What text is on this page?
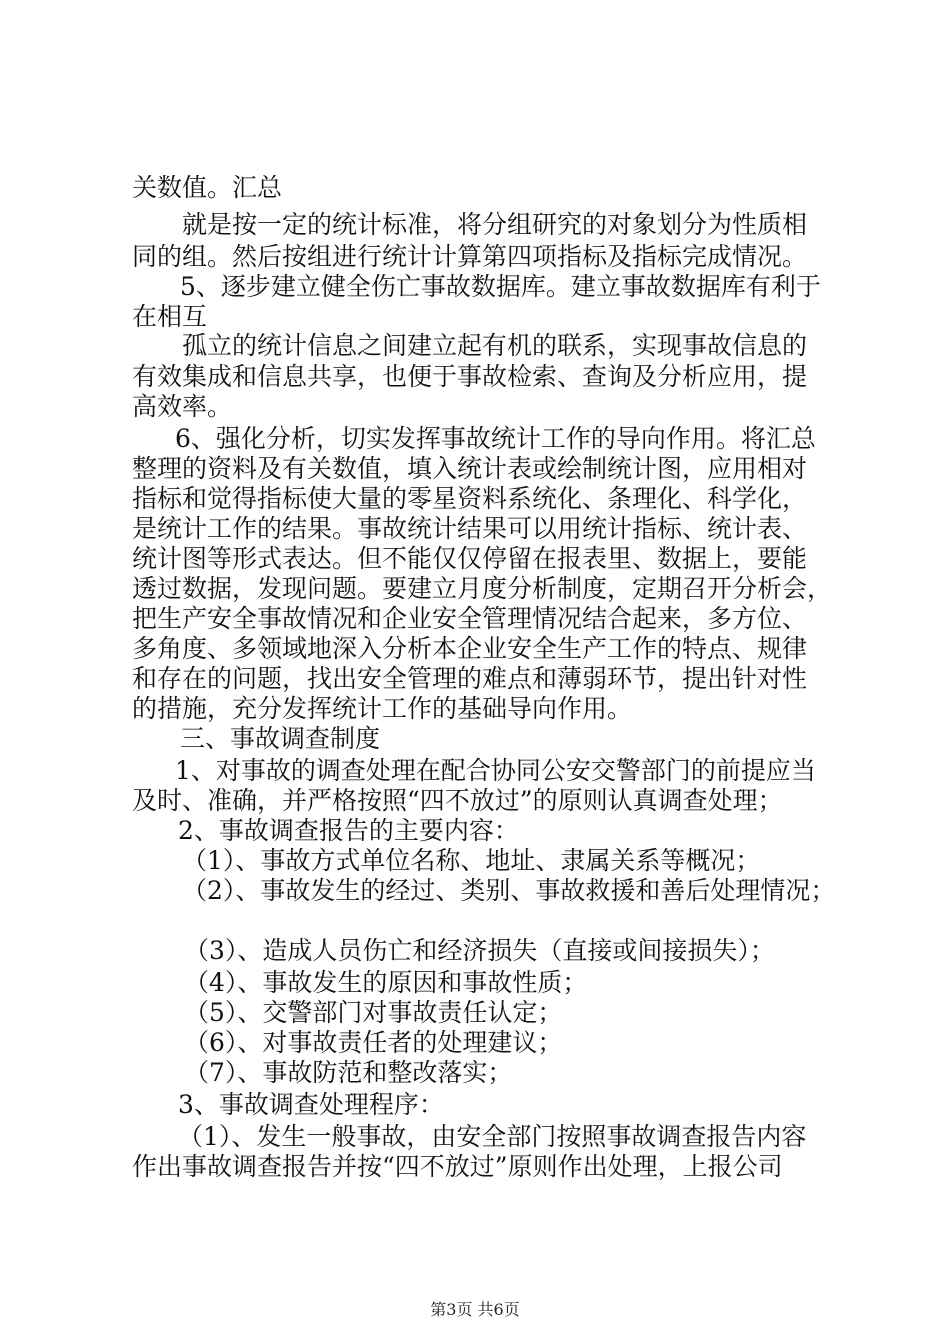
关数值。汇总
就是按一定的统计标准，将分组研究的对象划分为性质相
同的组。然后按组进行统计计算第四项指标及指标完成情况。
5、逐步建立健全伤亡事故数据库。建立事故数据库有利于
在相互
孤立的统计信息之间建立起有机的联系，实现事故信息的
有效集成和信息共享，也便于事故检索、查询及分析应用，提
高效率。
6、强化分析，切实发挥事故统计工作的导向作用。将汇总
整理的资料及有关数值，填入统计表或绘制统计图，应用相对
指标和觉得指标使大量的零星资料系统化、条理化、科学化，
是统计工作的结果。事故统计结果可以用统计指标、统计表、
统计图等形式表达。但不能仅仅停留在报表里、数据上，要能
透过数据，发现问题。要建立月度分析制度，定期召开分析会，
把生产安全事故情况和企业安全管理情况结合起来，多方位、
多角度、多领域地深入分析本企业安全生产工作的特点、规律
和存在的问题，找出安全管理的难点和薄弱环节，提出针对性
的措施，充分发挥统计工作的基础导向作用。
三、事故调查制度
1、对事故的调查处理在配合协同公安交警部门的前提应当
及时、准确，并严格按照“四不放过”的原则认真调查处理；
2、事故调查报告的主要内容：
（1）、事故方式单位名称、地址、隶属关系等概况；
（2）、事故发生的经过、类别、事故救援和善后处理情况；
（3）、造成人员伤亡和经济损失（直接或间接损失）；
（4）、事故发生的原因和事故性质；
（5）、交警部门对事故责任认定；
（6）、对事故责任者的处理建议；
（7）、事故防范和整改落实；
3、事故调查处理程序：
（1）、发生一般事故，由安全部门按照事故调查报告内容
作出事故调查报告并按“四不放过”原则作出处理，上报公司
第3页 共6页
